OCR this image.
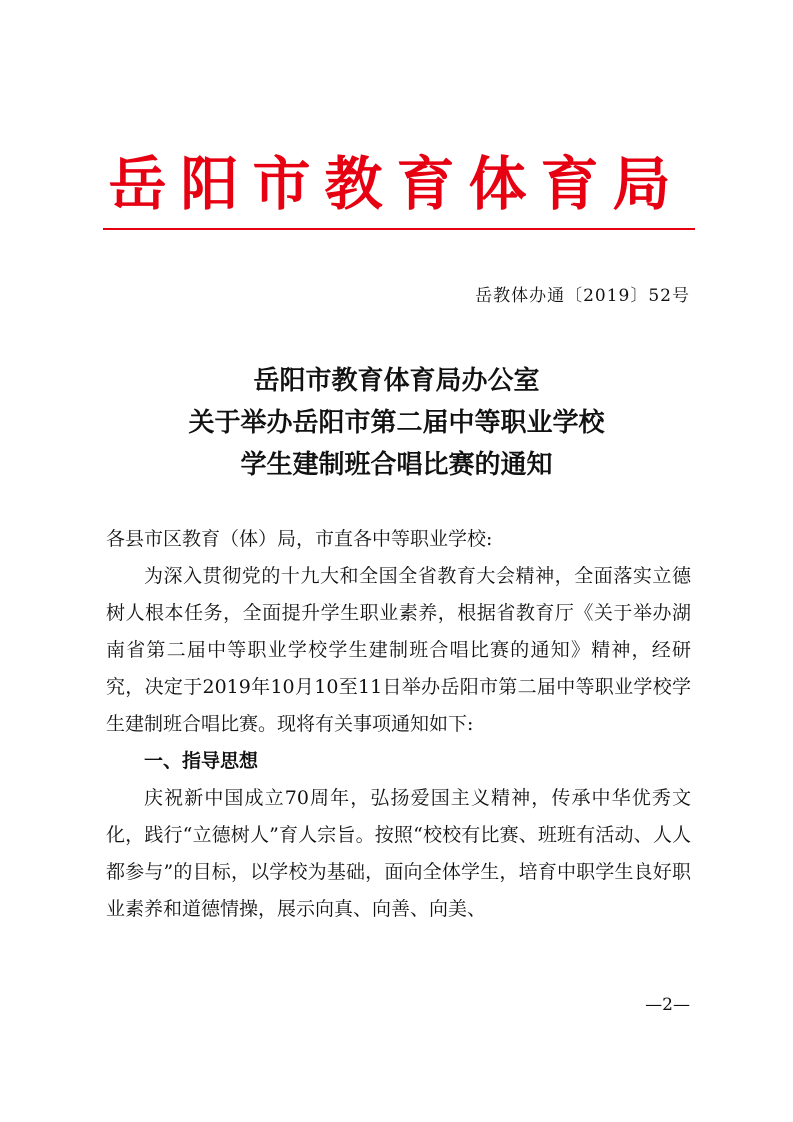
岳阳市教育体育局
岳教体办通〔2019〕52号
岳阳市教育体育局办公室
关于举办岳阳市第二届中等职业学校
学生建制班合唱比赛的通知

各县市区教育（体）局，市直各中等职业学校:

为深入贯彻党的十九大和全国全省教育大会精神，全面落实立德树人根本任务，全面提升学生职业素养，根据省教育厅《关于举办湖南省第二届中等职业学校学生建制班合唱比赛的通知》精神，经研究，决定于2019年10月10至11日举办岳阳市第二届中等职业学校学生建制班合唱比赛。现将有关事项通知如下:

一、指导思想

庆祝新中国成立70周年，弘扬爱国主义精神，传承中华优秀文化，践行“立德树人”育人宗旨。按照“校校有比赛、班班有活动、人人都参与”的目标，以学校为基础，面向全体学生，培育中职学生良好职业素养和道德情操，展示向真、向善、向美、

—2—
